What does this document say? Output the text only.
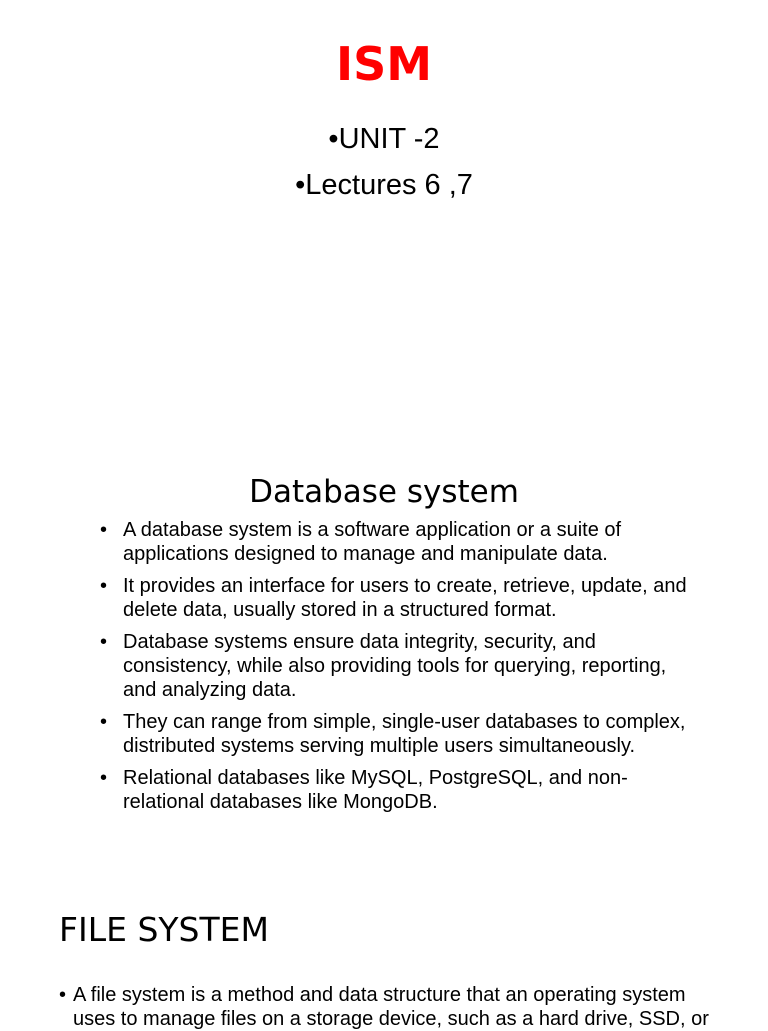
ISM
• UNIT -2
• Lectures 6 ,7
Database system
• A database system is a software application or a suite of applications designed to manage and manipulate data.
• It provides an interface for users to create, retrieve, update, and delete data, usually stored in a structured format.
• Database systems ensure data integrity, security, and consistency, while also providing tools for querying, reporting, and analyzing data.
• They can range from simple, single-user databases to complex, distributed systems serving multiple users simultaneously.
• Relational databases like MySQL, PostgreSQL, and non-relational databases like MongoDB.
FILE SYSTEM
• A file system is a method and data structure that an operating system uses to manage files on a storage device, such as a hard drive, SSD, or
